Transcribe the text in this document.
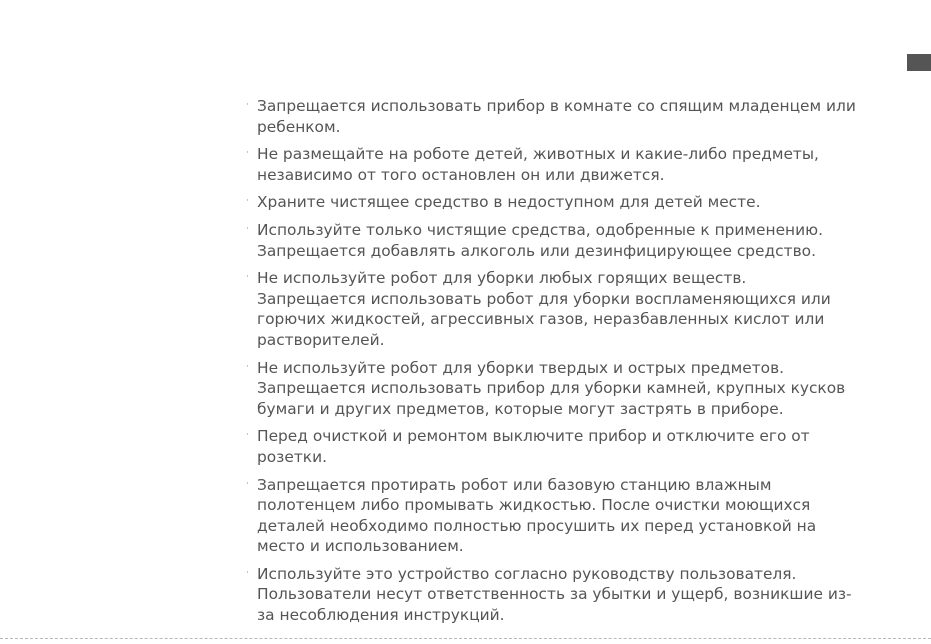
· Запрещается использовать прибор в комнате со спящим младенцем или
ребенком.
· Не размещайте на роботе детей, животных и какие-либо предметы,
независимо от того остановлен он или движется.
· Храните чистящее средство в недоступном для детей месте.
· Используйте только чистящие средства, одобренные к применению.
Запрещается добавлять алкоголь или дезинфицирующее средство.
· Не используйте робот для уборки любых горящих веществ.
Запрещается использовать робот для уборки воспламеняющихся или
горючих жидкостей, агрессивных газов, неразбавленных кислот или
растворителей.
· Не используйте робот для уборки твердых и острых предметов.
Запрещается использовать прибор для уборки камней, крупных кусков
бумаги и других предметов, которые могут застрять в приборе.
· Перед очисткой и ремонтом выключите прибор и отключите его от
розетки.
· Запрещается протирать робот или базовую станцию влажным
полотенцем либо промывать жидкостью. После очистки моющихся
деталей необходимо полностью просушить их перед установкой на
место и использованием.
· Используйте это устройство согласно руководству пользователя.
Пользователи несут ответственность за убытки и ущерб, возникшие из-
за несоблюдения инструкций.
